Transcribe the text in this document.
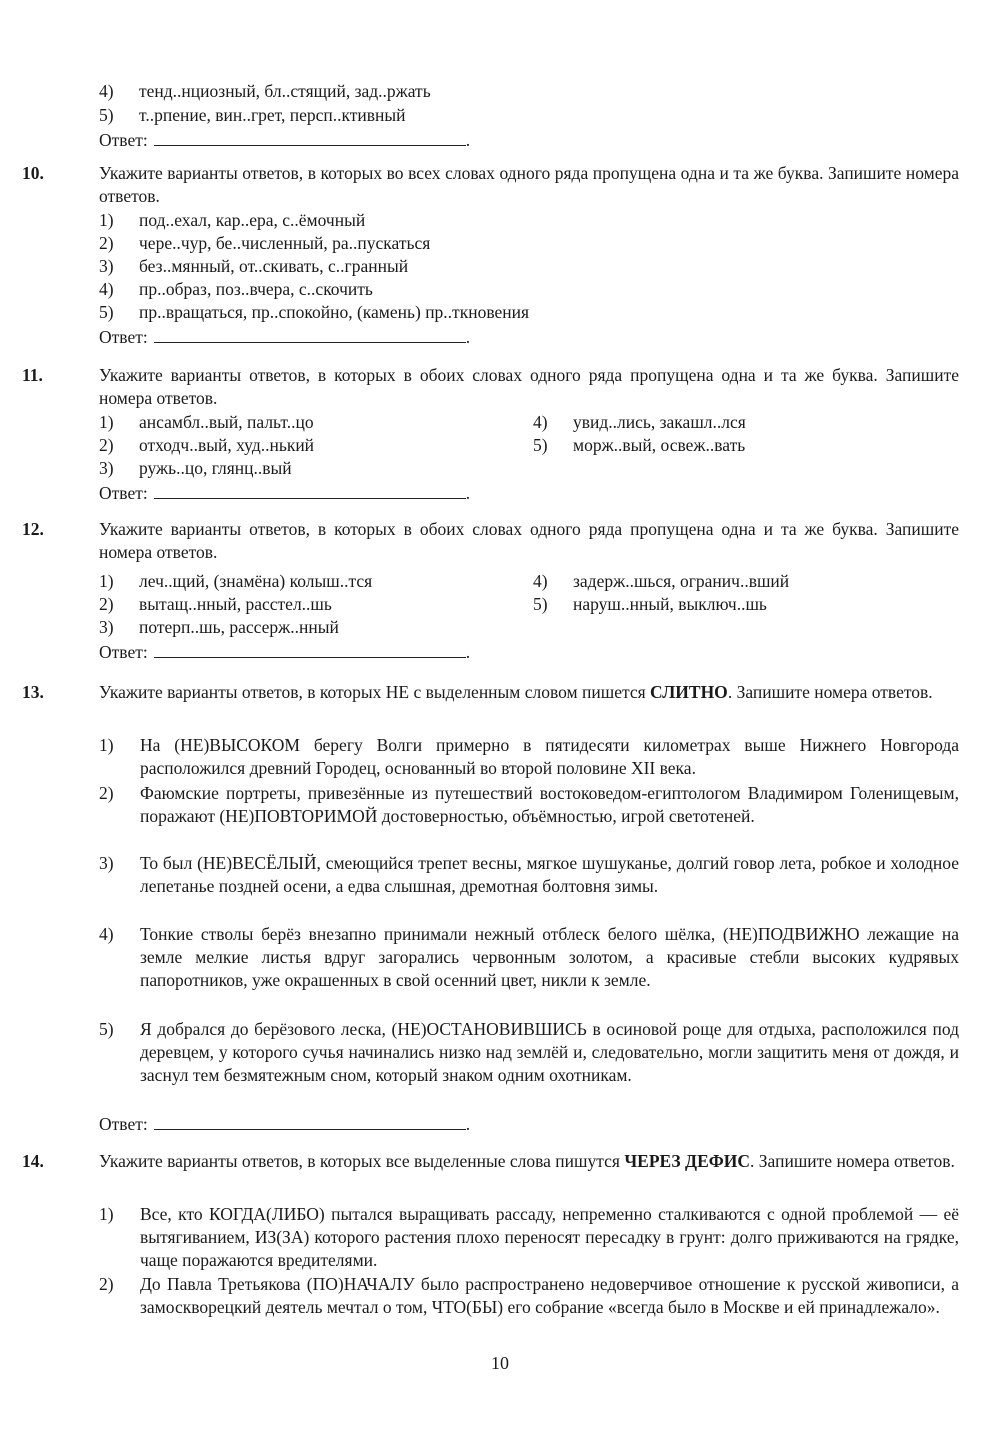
4) тенд..нциозный, бл..стящий, зад..ржать
5) т..рпение, вин..грет, персп..ктивный
Ответ:	.
10.	Укажите варианты ответов, в которых во всех словах одного ряда пропущена одна и та же буква. Запишите номера ответов.
1) под..ехал, кар..ера, с..ёмочный
2) чере..чур, бе..численный, ра..пускаться
3) без..мянный, от..скивать, с..гранный
4) пр..образ, поз..вчера, с..скочить
5) пр..вращаться, пр..спокойно, (камень) пр..ткновения
Ответ:	.
11.	Укажите варианты ответов, в которых в обоих словах одного ряда пропущена одна и та же буква. Запишите номера ответов.
1) ансамбл..вый, пальт..цо
2) отходч..вый, худ..нький
3) ружь..цо, глянц..вый
4) увид..лись, закашл..лся
5) морж..вый, освеж..вать
Ответ:	.
12.	Укажите варианты ответов, в которых в обоих словах одного ряда пропущена одна и та же буква. Запишите номера ответов.
1) леч..щий, (знамёна) колыш..тся
2) вытащ..нный, расстел..шь
3) потерп..шь, рассерж..нный
4) задерж..шься, огранич..вший
5) наруш..нный, выключ..шь
Ответ:	.
13.	Укажите варианты ответов, в которых НЕ с выделенным словом пишется СЛИТНО. Запишите номера ответов.
1) На (НЕ)ВЫСОКОМ берегу Волги примерно в пятидесяти километрах выше Нижнего Новгорода расположился древний Городец, основанный во второй половине XII века.
2) Фаюмские портреты, привезённые из путешествий востоковедом-египтологом Владимиром Голенищевым, поражают (НЕ)ПОВТОРИМОЙ достоверностью, объёмностью, игрой светотеней.
3) То был (НЕ)ВЕСЁЛЫЙ, смеющийся трепет весны, мягкое шушуканье, долгий говор лета, робкое и холодное лепетанье поздней осени, а едва слышная, дремотная болтовня зимы.
4) Тонкие стволы берёз внезапно принимали нежный отблеск белого шёлка, (НЕ)ПОДВИЖНО лежащие на земле мелкие листья вдруг загорались червонным золотом, а красивые стебли высоких кудрявых папоротников, уже окрашенных в свой осенний цвет, никли к земле.
5) Я добрался до берёзового леска, (НЕ)ОСТАНОВИВШИСЬ в осиновой роще для отдыха, расположился под деревцем, у которого сучья начинались низко над землёй и, следовательно, могли защитить меня от дождя, и заснул тем безмятежным сном, который знаком одним охотникам.
Ответ:	.
14.	Укажите варианты ответов, в которых все выделенные слова пишутся ЧЕРЕЗ ДЕФИС. Запишите номера ответов.
1) Все, кто КОГДА(ЛИБО) пытался выращивать рассаду, непременно сталкиваются с одной проблемой — её вытягиванием, ИЗ(ЗА) которого растения плохо переносят пересадку в грунт: долго приживаются на грядке, чаще поражаются вредителями.
2) До Павла Третьякова (ПО)НАЧАЛУ было распространено недоверчивое отношение к русской живописи, а замоскворецкий деятель мечтал о том, ЧТО(БЫ) его собрание «всегда было в Москве и ей принадлежало».
10
